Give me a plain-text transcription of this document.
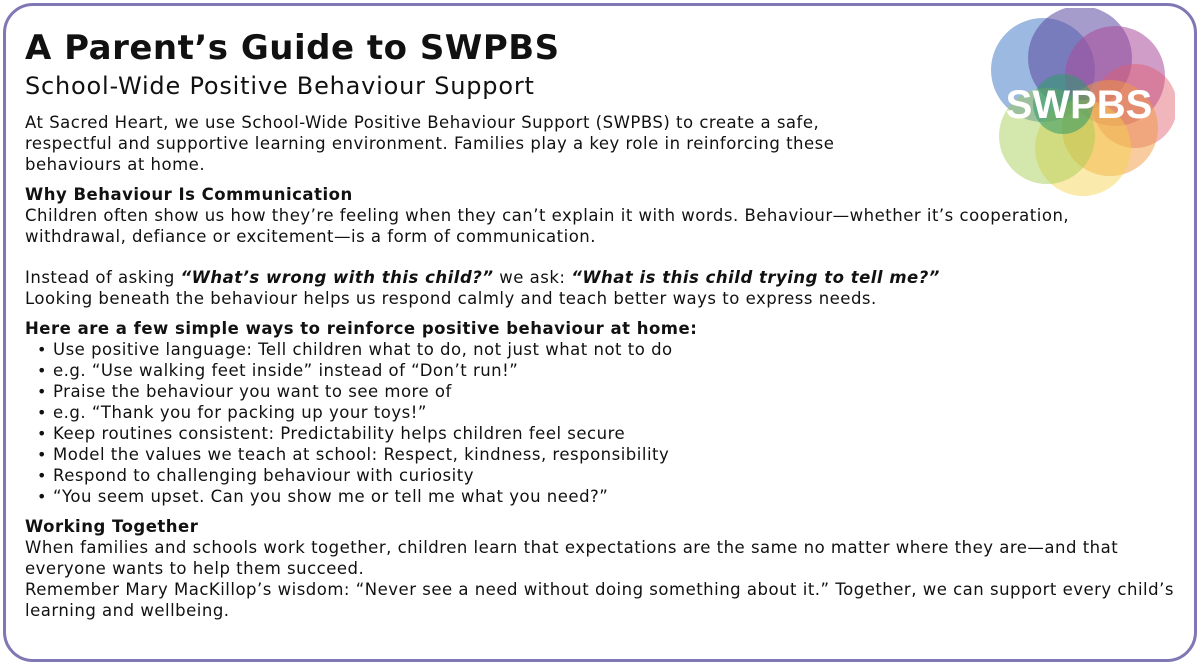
SWPBS
A Parent’s Guide to SWPBS
School-Wide Positive Behaviour Support

At Sacred Heart, we use School-Wide Positive Behaviour Support (SWPBS) to create a safe, respectful and supportive learning environment. Families play a key role in reinforcing these behaviours at home.

Why Behaviour Is Communication

Children often show us how they’re feeling when they can’t explain it with words. Behaviour—whether it’s cooperation, withdrawal, defiance or excitement—is a form of communication.

Instead of asking “What’s wrong with this child?” we ask: “What is this child trying to tell me?”

Looking beneath the behaviour helps us respond calmly and teach better ways to express needs.

Here are a few simple ways to reinforce positive behaviour at home:
• Use positive language: Tell children what to do, not just what not to do
• e.g. “Use walking feet inside” instead of “Don’t run!”
• Praise the behaviour you want to see more of
• e.g. “Thank you for packing up your toys!”
• Keep routines consistent: Predictability helps children feel secure
• Model the values we teach at school: Respect, kindness, responsibility
• Respond to challenging behaviour with curiosity
• “You seem upset. Can you show me or tell me what you need?”
Working Together

When families and schools work together, children learn that expectations are the same no matter where they are—and that everyone wants to help them succeed.

Remember Mary MacKillop’s wisdom: “Never see a need without doing something about it.” Together, we can support every child’s learning and wellbeing.
